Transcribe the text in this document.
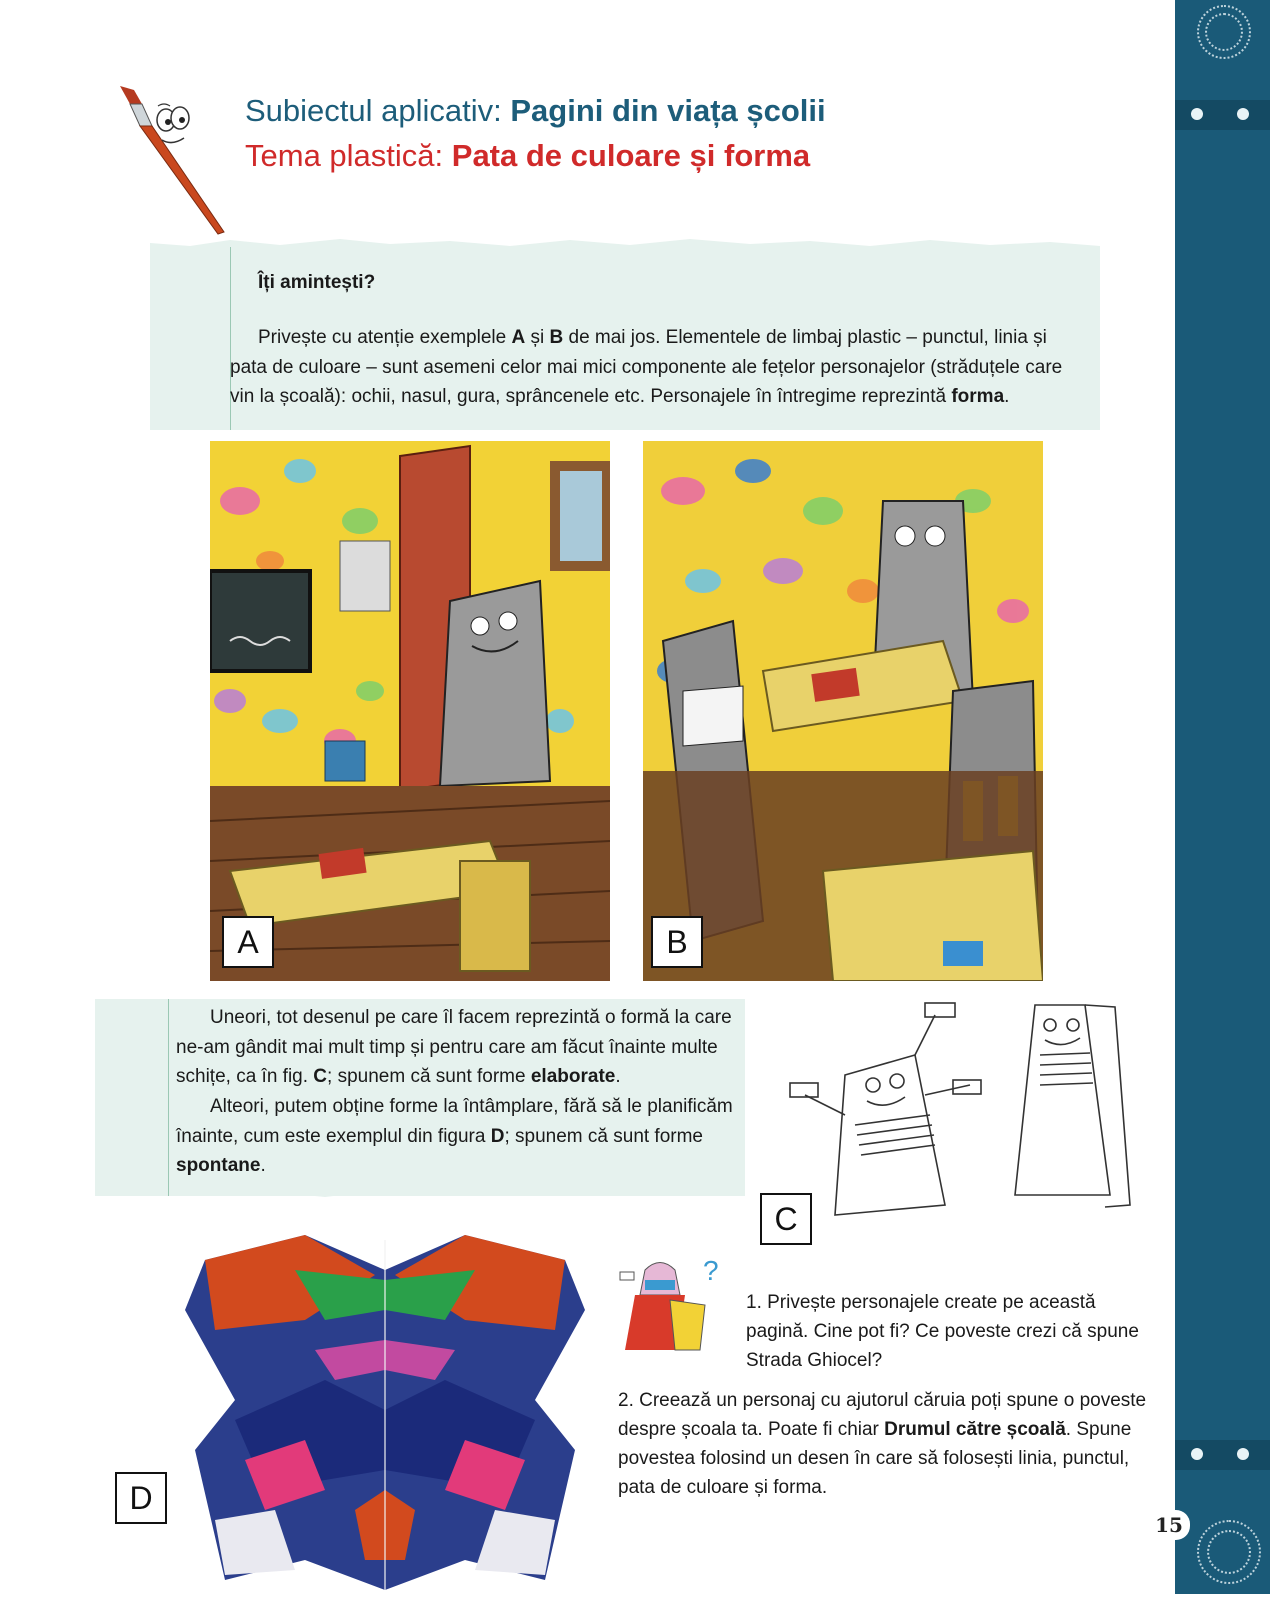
Subiectul aplicativ: Pagini din viața școlii
Tema plastică: Pata de culoare și forma
Îți amintești?
Privește cu atenție exemplele A și B de mai jos. Elementele de limbaj plastic – punctul, linia și pata de culoare – sunt asemeni celor mai mici componente ale fețelor personajelor (străduțele care vin la școală): ochii, nasul, gura, sprâncenele etc. Personajele în întregime reprezintă forma.
A	B
Uneori, tot desenul pe care îl facem reprezintă o formă la care ne-am gândit mai mult timp și pentru care am făcut înainte multe schițe, ca în fig. C; spunem că sunt forme elaborate.
Alteori, putem obține forme la întâmplare, fără să le planificăm înainte, cum este exemplul din figura D; spunem că sunt forme spontane.
C
D
?
1. Privește personajele create pe această pagină. Cine pot fi? Ce poveste crezi că spune Strada Ghiocel?
2. Creează un personaj cu ajutorul căruia poți spune o poveste despre școala ta. Poate fi chiar Drumul către școală. Spune povestea folosind un desen în care să folosești linia, punctul, pata de culoare și forma.
15
